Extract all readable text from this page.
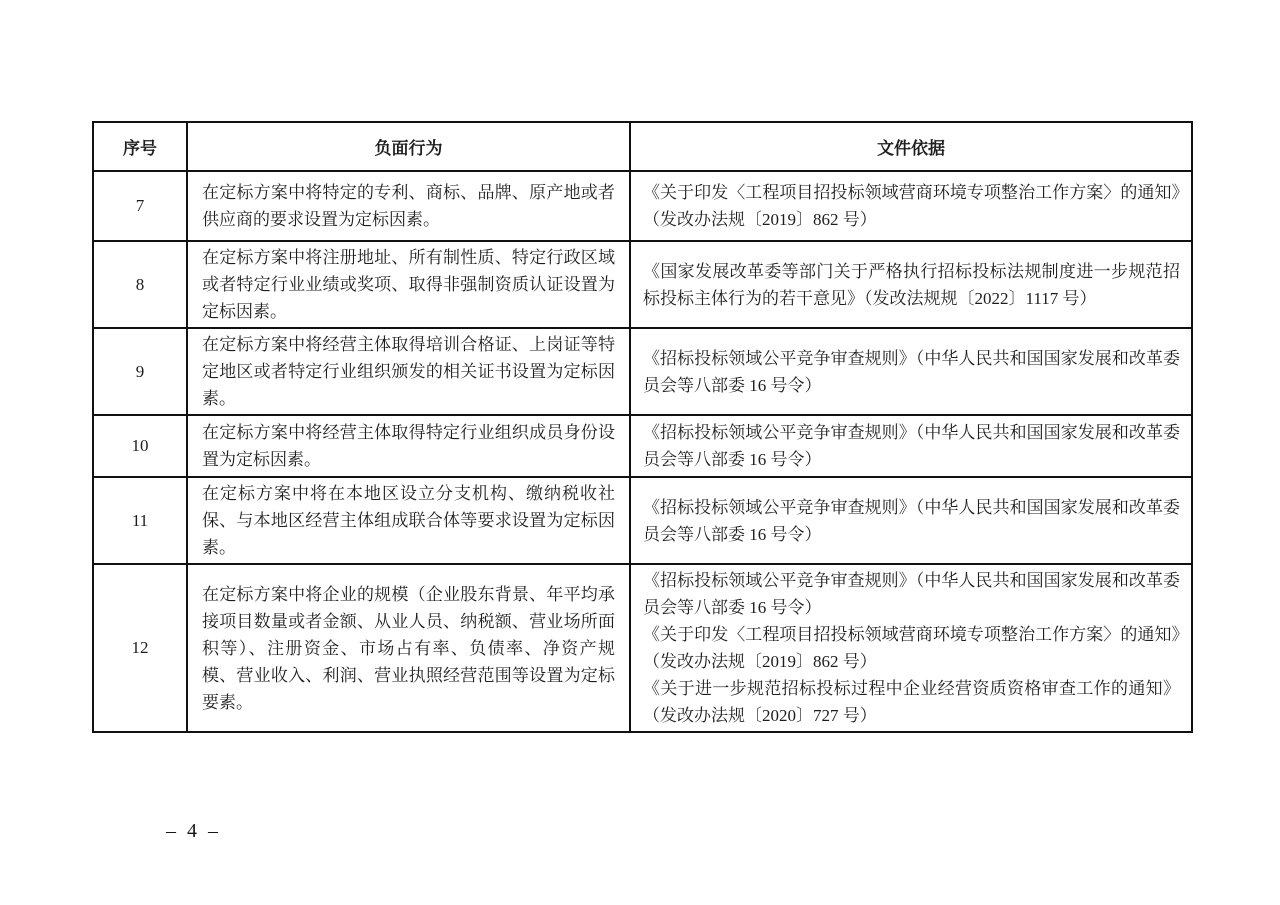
序号	负面行为	文件依据
7	在定标方案中将特定的专利、商标、品牌、原产地或者供应商的要求设置为定标因素。	《关于印发〈工程项目招投标领域营商环境专项整治工作方案〉的通知》（发改办法规〔2019〕862 号）

8	在定标方案中将注册地址、所有制性质、特定行政区域或者特定行业业绩或奖项、取得非强制资质认证设置为定标因素。	《国家发展改革委等部门关于严格执行招标投标法规制度进一步规范招标投标主体行为的若干意见》（发改法规规〔2022〕1117 号）

9	在定标方案中将经营主体取得培训合格证、上岗证等特定地区或者特定行业组织颁发的相关证书设置为定标因素。	《招标投标领域公平竞争审查规则》（中华人民共和国国家发展和改革委员会等八部委 16 号令）

10	在定标方案中将经营主体取得特定行业组织成员身份设置为定标因素。	《招标投标领域公平竞争审查规则》（中华人民共和国国家发展和改革委员会等八部委 16 号令）

11	在定标方案中将在本地区设立分支机构、缴纳税收社保、与本地区经营主体组成联合体等要求设置为定标因素。	《招标投标领域公平竞争审查规则》（中华人民共和国国家发展和改革委员会等八部委 16 号令）

12	在定标方案中将企业的规模（企业股东背景、年平均承接项目数量或者金额、从业人员、纳税额、营业场所面积等）、注册资金、市场占有率、负债率、净资产规模、营业收入、利润、营业执照经营范围等设置为定标要素。	《招标投标领域公平竞争审查规则》（中华人民共和国国家发展和改革委员会等八部委 16 号令）

《关于印发〈工程项目招投标领域营商环境专项整治工作方案〉的通知》（发改办法规〔2019〕862 号）

《关于进一步规范招标投标过程中企业经营资质资格审查工作的通知》（发改办法规〔2020〕727 号）

– 4 –
